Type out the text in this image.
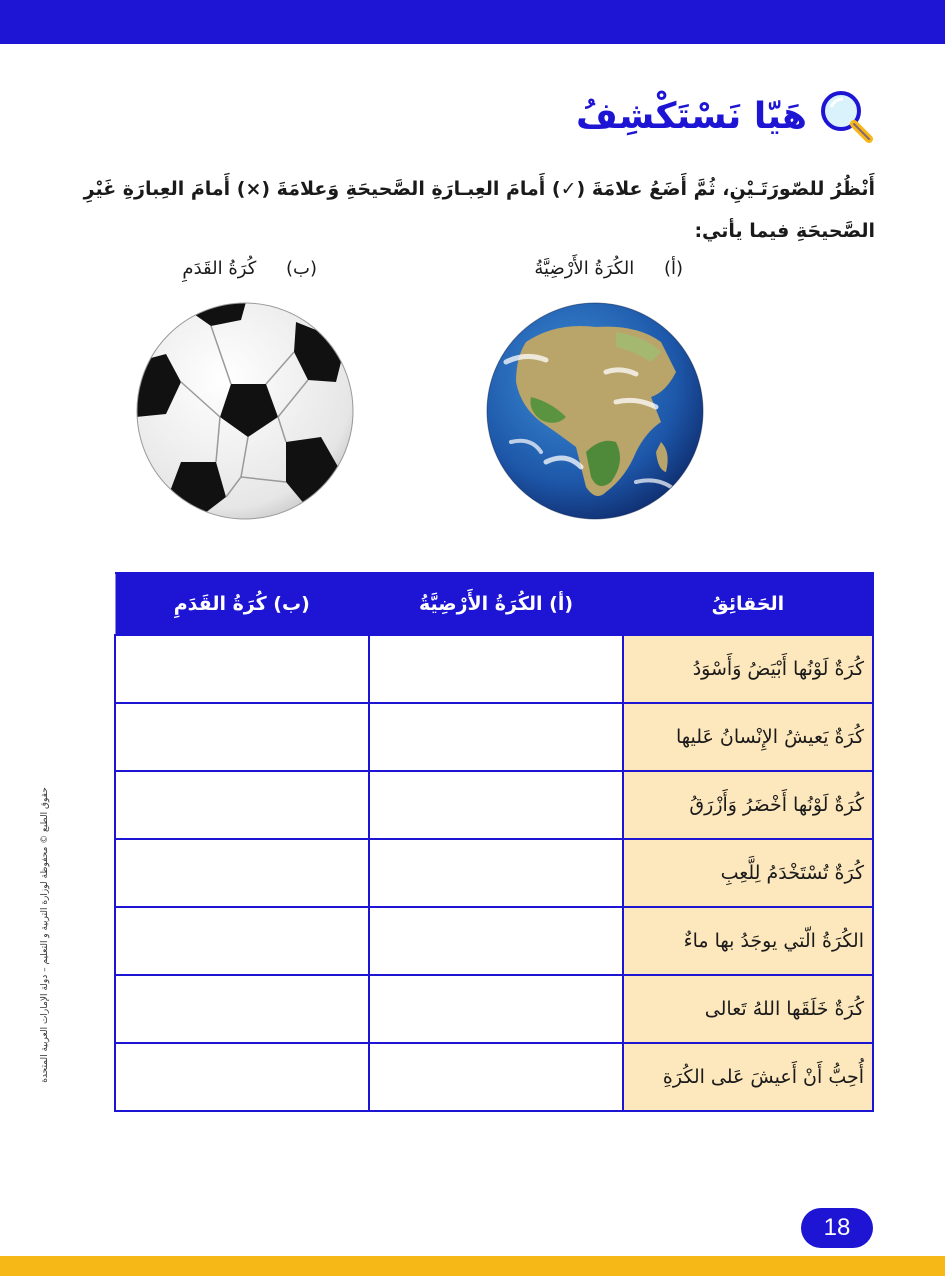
هَيّا نَسْتَكْشِفُ
أَنْظُرُ للصّورَتَـيْنِ، ثُمَّ أَضَعُ علامَةَ (✓) أَمامَ العِبـارَةِ الصَّحيحَةِ وَعلامَةَ (×) أَمامَ العِبارَةِ غَيْرِ الصَّحيحَةِ فيما يأتي:
(أ) الكُرَةُ الأَرْضِيَّةُ
(ب) كُرَةُ القَدَمِ
الحَقائِقُ	(أ) الكُرَةُ الأَرْضِيَّةُ	(ب) كُرَةُ القَدَمِ
كُرَةٌ لَوْنُها أَبْيَضُ وَأَسْوَدُ		
كُرَةٌ يَعيشُ الإِنْسانُ عَليها		
كُرَةٌ لَوْنُها أَخْضَرُ وَأَزْرَقُ		
كُرَةٌ تُسْتَخْدَمُ لِلَّعِبِ		
الكُرَةُ الّتي يوجَدُ بها ماءٌ		
كُرَةٌ خَلَقَها اللهُ تَعالى		
أُحِبُّ أَنْ أَعيشَ عَلى الكُرَةِ		
حقوق الطبع © محفوظة لوزارة التربية و التعليم – دولة الإمارات العربية المتحدة
18
